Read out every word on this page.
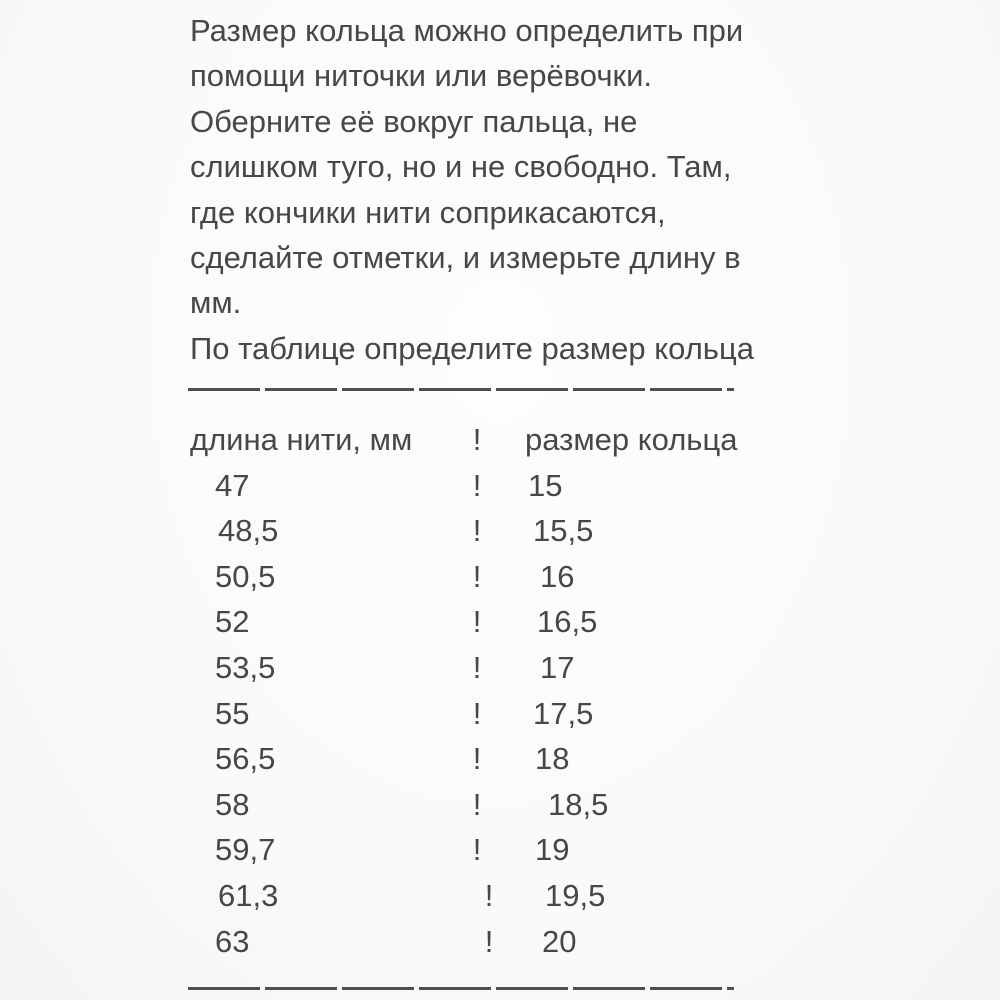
Размер кольца можно определить при

помощи ниточки или верёвочки.

Оберните её вокруг пальца, не

слишком туго, но и не свободно. Там,

где кончики нити соприкасаются,

сделайте отметки, и измерьте длину в

мм.

По таблице определите размер кольца

длина нити, мм	!	размер кольца
47	!	15
48,5	!	15,5
50,5	!	16
52	!	16,5
53,5	!	17
55	!	17,5
56,5	!	18
58	!	18,5
59,7	!	19
61,3	!	19,5
63	!	20
